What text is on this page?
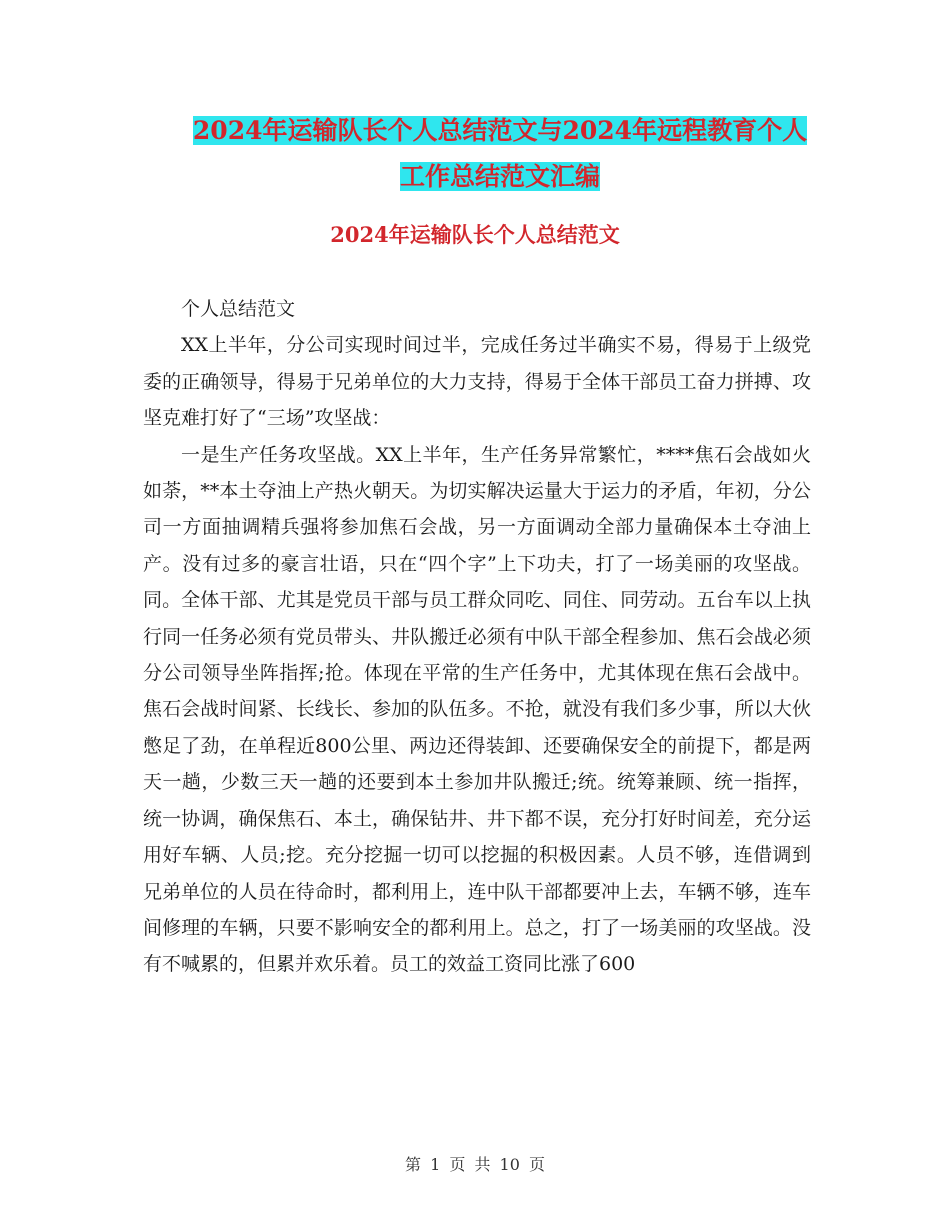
2024年运输队长个人总结范文与2024年远程教育个人
工作总结范文汇编
2024年运输队长个人总结范文

个人总结范文

XX上半年，分公司实现时间过半，完成任务过半确实不易，得易于上级党委的正确领导，得易于兄弟单位的大力支持，得易于全体干部员工奋力拼搏、攻坚克难打好了“三场”攻坚战：

一是生产任务攻坚战。XX上半年，生产任务异常繁忙，****焦石会战如火如荼，**本土夺油上产热火朝天。为切实解决运量大于运力的矛盾，年初，分公司一方面抽调精兵强将参加焦石会战，另一方面调动全部力量确保本土夺油上产。没有过多的豪言壮语，只在“四个字”上下功夫，打了一场美丽的攻坚战。同。全体干部、尤其是党员干部与员工群众同吃、同住、同劳动。五台车以上执行同一任务必须有党员带头、井队搬迁必须有中队干部全程参加、焦石会战必须分公司领导坐阵指挥;抢。体现在平常的生产任务中，尤其体现在焦石会战中。焦石会战时间紧、长线长、参加的队伍多。不抢，就没有我们多少事，所以大伙憋足了劲，在单程近800公里、两边还得装卸、还要确保安全的前提下，都是两天一趟，少数三天一趟的还要到本土参加井队搬迁;统。统筹兼顾、统一指挥，统一协调，确保焦石、本土，确保钻井、井下都不误，充分打好时间差，充分运用好车辆、人员;挖。充分挖掘一切可以挖掘的积极因素。人员不够，连借调到兄弟单位的人员在待命时，都利用上，连中队干部都要冲上去，车辆不够，连车间修理的车辆，只要不影响安全的都利用上。总之，打了一场美丽的攻坚战。没有不喊累的，但累并欢乐着。员工的效益工资同比涨了600

第 1 页 共 10 页
